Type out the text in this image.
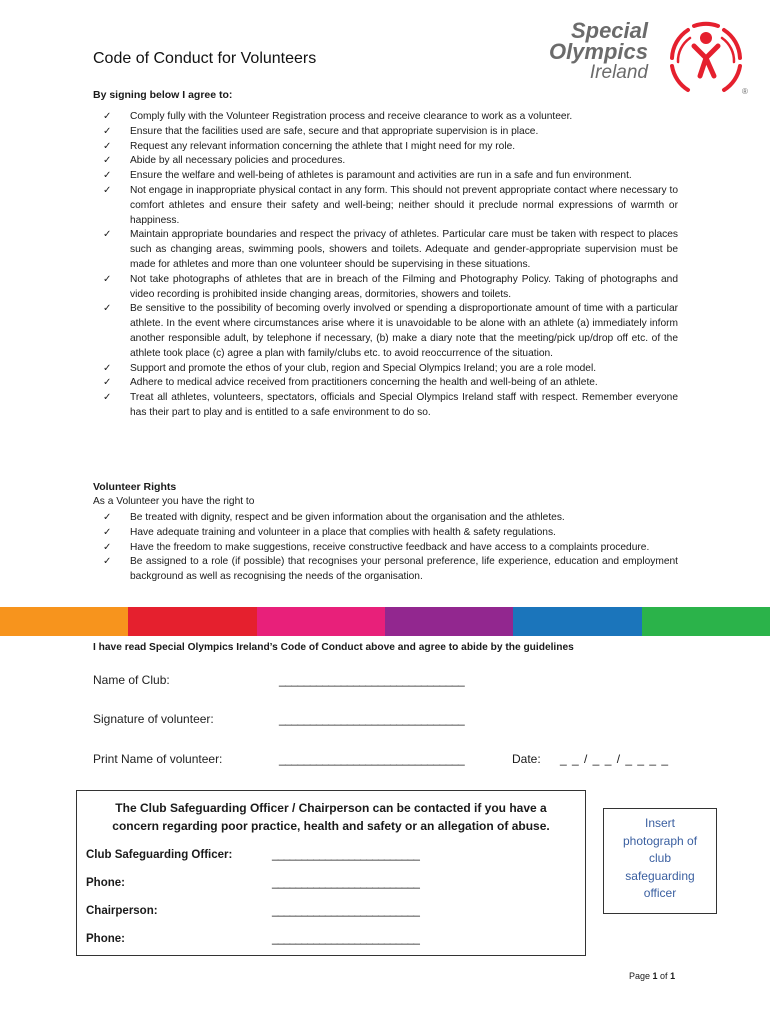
Code of Conduct for Volunteers
Special
Olympics
Ireland
®
By signing below I agree to:
✓ Comply fully with the Volunteer Registration process and receive clearance to work as a volunteer.
✓ Ensure that the facilities used are safe, secure and that appropriate supervision is in place.
✓ Request any relevant information concerning the athlete that I might need for my role.
✓ Abide by all necessary policies and procedures.
✓ Ensure the welfare and well-being of athletes is paramount and activities are run in a safe and fun environment.
✓ Not engage in inappropriate physical contact in any form. This should not prevent appropriate contact where necessary to comfort athletes and ensure their safety and well-being; neither should it preclude normal expressions of warmth or happiness.
✓ Maintain appropriate boundaries and respect the privacy of athletes. Particular care must be taken with respect to places such as changing areas, swimming pools, showers and toilets. Adequate and gender-appropriate supervision must be made for athletes and more than one volunteer should be supervising in these situations.
✓ Not take photographs of athletes that are in breach of the Filming and Photography Policy. Taking of photographs and video recording is prohibited inside changing areas, dormitories, showers and toilets.
✓ Be sensitive to the possibility of becoming overly involved or spending a disproportionate amount of time with a particular athlete. In the event where circumstances arise where it is unavoidable to be alone with an athlete (a) immediately inform another responsible adult, by telephone if necessary, (b) make a diary note that the meeting/pick up/drop off etc. of the athlete took place (c) agree a plan with family/clubs etc. to avoid reoccurrence of the situation.
✓ Support and promote the ethos of your club, region and Special Olympics Ireland; you are a role model.
✓ Adhere to medical advice received from practitioners concerning the health and well-being of an athlete.
✓ Treat all athletes, volunteers, spectators, officials and Special Olympics Ireland staff with respect. Remember everyone has their part to play and is entitled to a safe environment to do so.
Volunteer Rights
As a Volunteer you have the right to
✓ Be treated with dignity, respect and be given information about the organisation and the athletes.
✓ Have adequate training and volunteer in a place that complies with health & safety regulations.
✓ Have the freedom to make suggestions, receive constructive feedback and have access to a complaints procedure.
✓ Be assigned to a role (if possible) that recognises your personal preference, life experience, education and employment background as well as recognising the needs of the organisation.
I have read Special Olympics Ireland’s Code of Conduct above and agree to abide by the guidelines
Name of Club:	______________________________
Signature of volunteer:	______________________________
Print Name of volunteer:	______________________________	Date: _ _ / _ _ / _ _ _ _
The Club Safeguarding Officer / Chairperson can be contacted if you have a concern regarding poor practice, health and safety or an allegation of abuse.
Club Safeguarding Officer:	_________________________
Phone:	_________________________
Chairperson:	_________________________
Phone:	_________________________
Insert photograph of club safeguarding officer
Page 1 of 1
